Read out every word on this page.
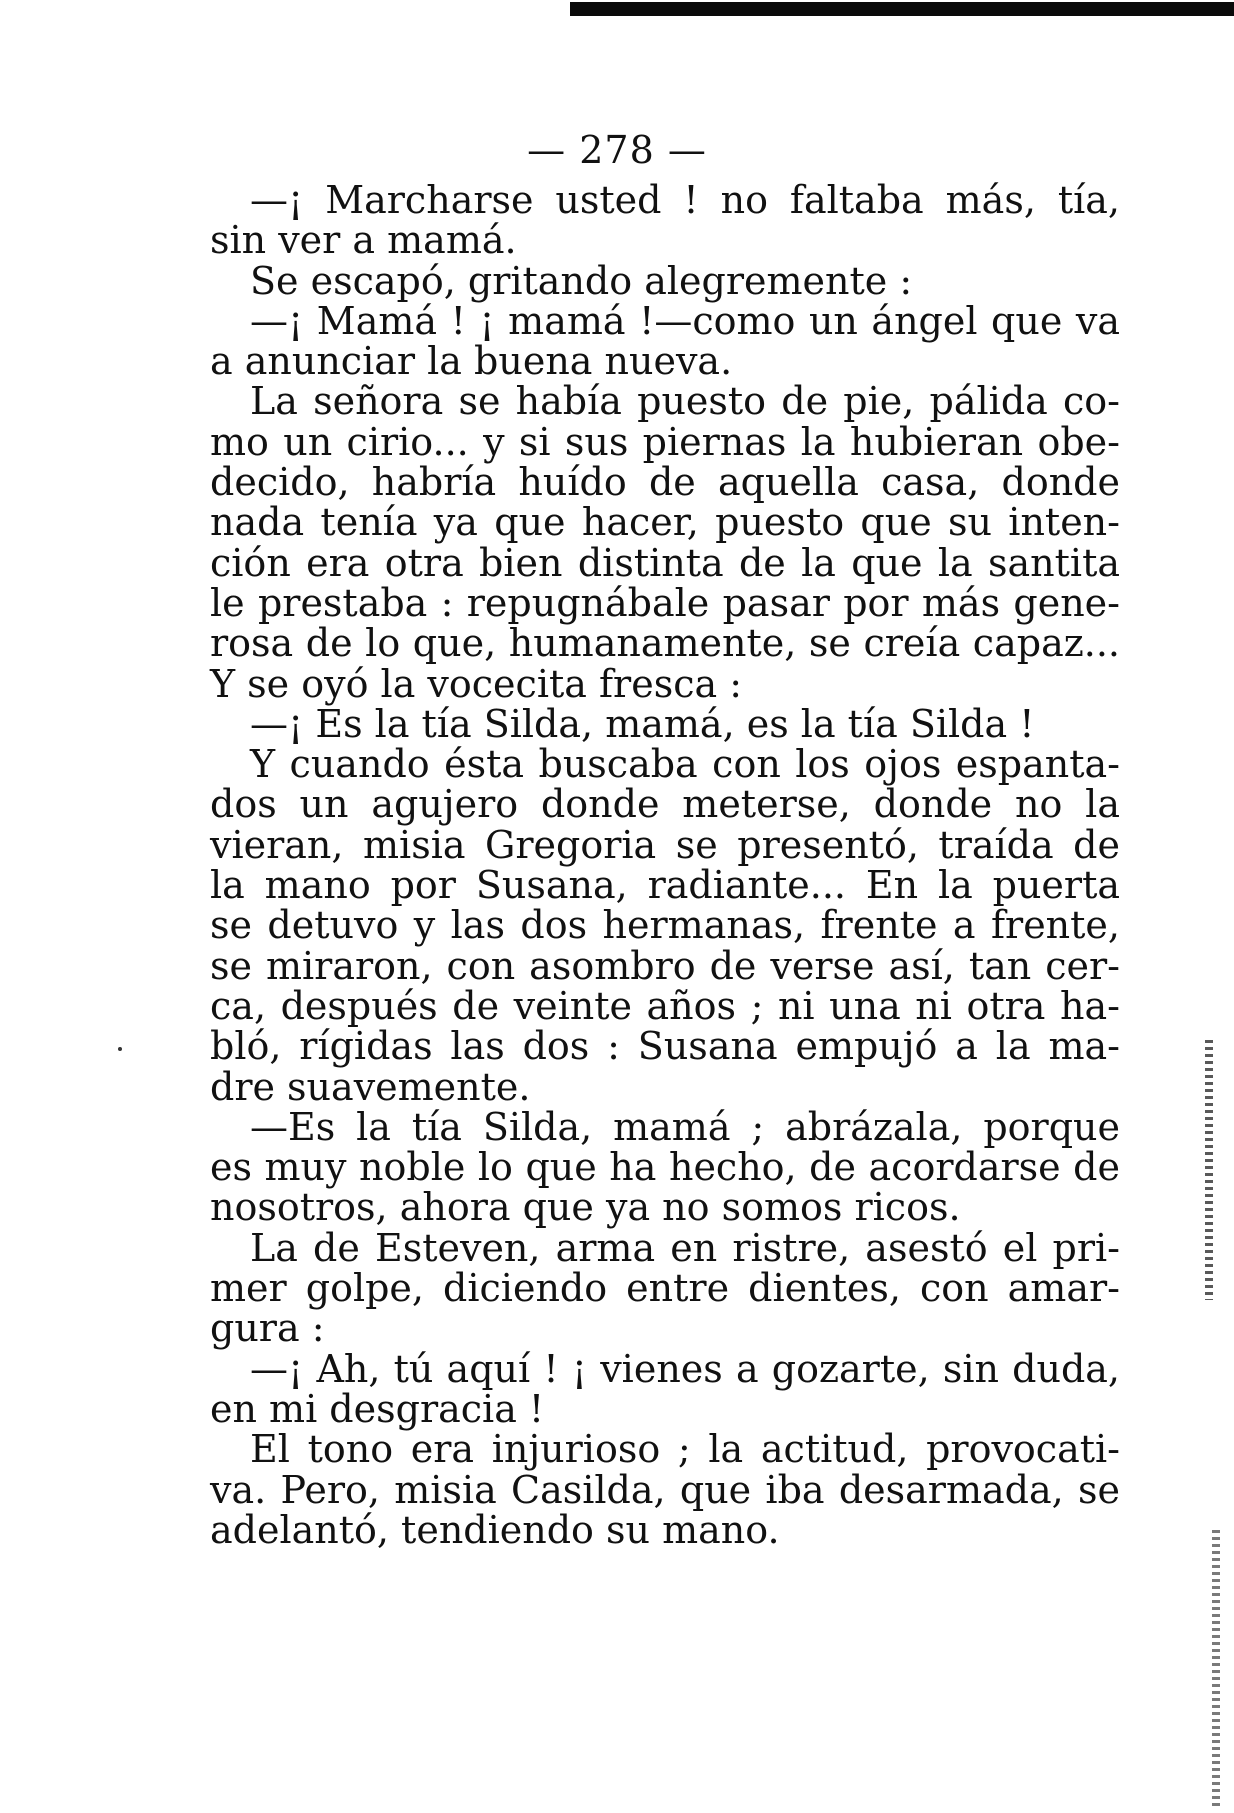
— 278 —
—¡ Marcharse usted ! no faltaba más, tía,
sin ver a mamá.
Se escapó, gritando alegremente :
—¡ Mamá ! ¡ mamá !—como un ángel que va
a anunciar la buena nueva.
La señora se había puesto de pie, pálida co-
mo un cirio... y si sus piernas la hubieran obe-
decido, habría huído de aquella casa, donde
nada tenía ya que hacer, puesto que su inten-
ción era otra bien distinta de la que la santita
le prestaba : repugnábale pasar por más gene-
rosa de lo que, humanamente, se creía capaz...
Y se oyó la vocecita fresca :
—¡ Es la tía Silda, mamá, es la tía Silda !
Y cuando ésta buscaba con los ojos espanta-
dos un agujero donde meterse, donde no la
vieran, misia Gregoria se presentó, traída de
la mano por Susana, radiante... En la puerta
se detuvo y las dos hermanas, frente a frente,
se miraron, con asombro de verse así, tan cer-
ca, después de veinte años ; ni una ni otra ha-
bló, rígidas las dos : Susana empujó a la ma-
dre suavemente.
—Es la tía Silda, mamá ; abrázala, porque
es muy noble lo que ha hecho, de acordarse de
nosotros, ahora que ya no somos ricos.
La de Esteven, arma en ristre, asestó el pri-
mer golpe, diciendo entre dientes, con amar-
gura :
—¡ Ah, tú aquí ! ¡ vienes a gozarte, sin duda,
en mi desgracia !
El tono era injurioso ; la actitud, provocati-
va. Pero, misia Casilda, que iba desarmada, se
adelantó, tendiendo su mano.
